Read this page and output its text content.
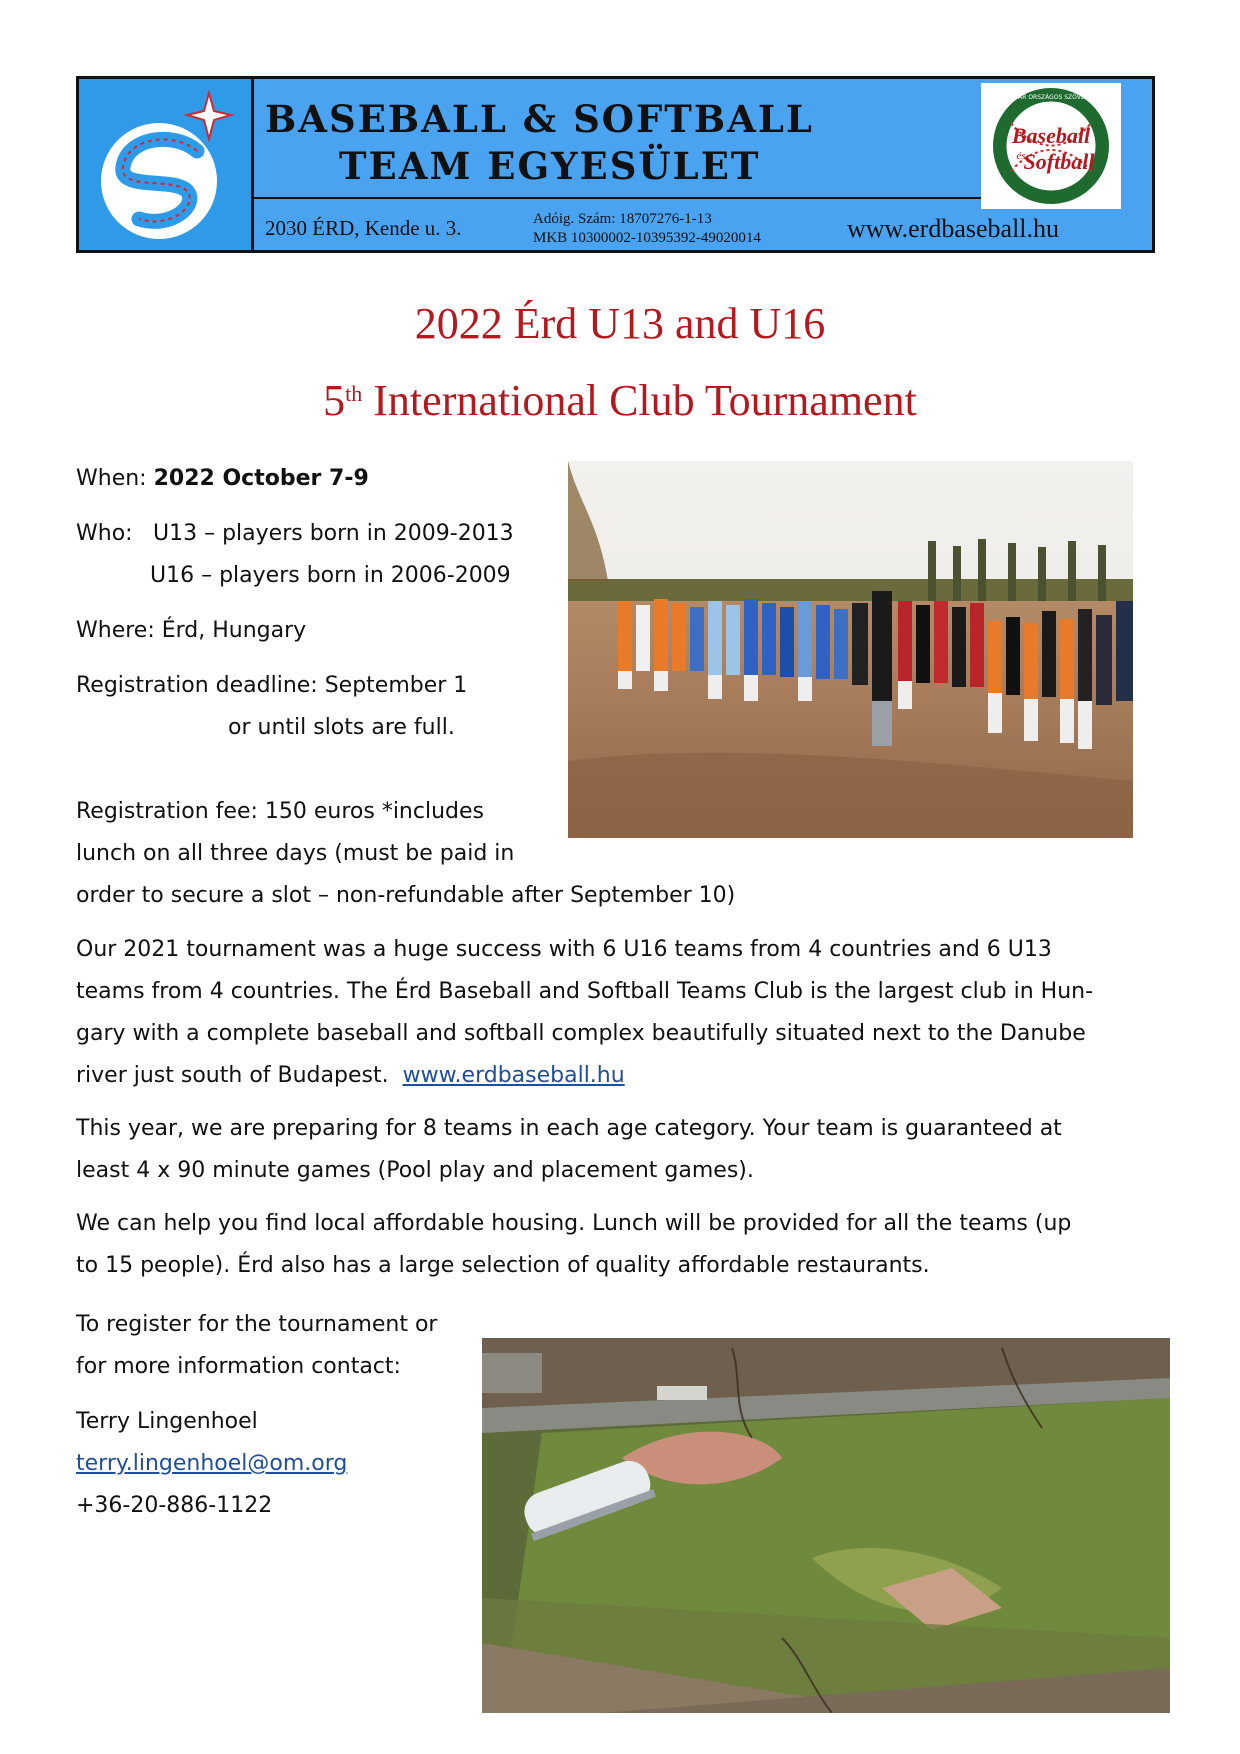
BASEBALL & SOFTBALL
TEAM EGYESÜLET
2030 ÉRD, Kende u. 3.	Adóig. Szám: 18707276-1-13
MKB 10300002-10395392-49020014	www.erdbaseball.hu
Baseball
és
Softball
MAGYAR ORSZÁGOS SZÖVETSÉG
2022 Érd U13 and U16
5th International Club Tournament
When: 2022 October 7-9
Who: U13 – players born in 2009-2013
U16 – players born in 2006-2009
Where: Érd, Hungary
Registration deadline: September 1
or until slots are full.
Registration fee: 150 euros *includes
lunch on all three days (must be paid in
order to secure a slot – non-refundable after September 10)
Our 2021 tournament was a huge success with 6 U16 teams from 4 countries and 6 U13
teams from 4 countries. The Érd Baseball and Softball Teams Club is the largest club in Hun-
gary with a complete baseball and softball complex beautifully situated next to the Danube
river just south of Budapest. www.erdbaseball.hu
This year, we are preparing for 8 teams in each age category. Your team is guaranteed at
least 4 x 90 minute games (Pool play and placement games).
We can help you find local affordable housing. Lunch will be provided for all the teams (up
to 15 people). Érd also has a large selection of quality affordable restaurants.
To register for the tournament or
for more information contact:
Terry Lingenhoel
terry.lingenhoel@om.org
+36-20-886-1122
